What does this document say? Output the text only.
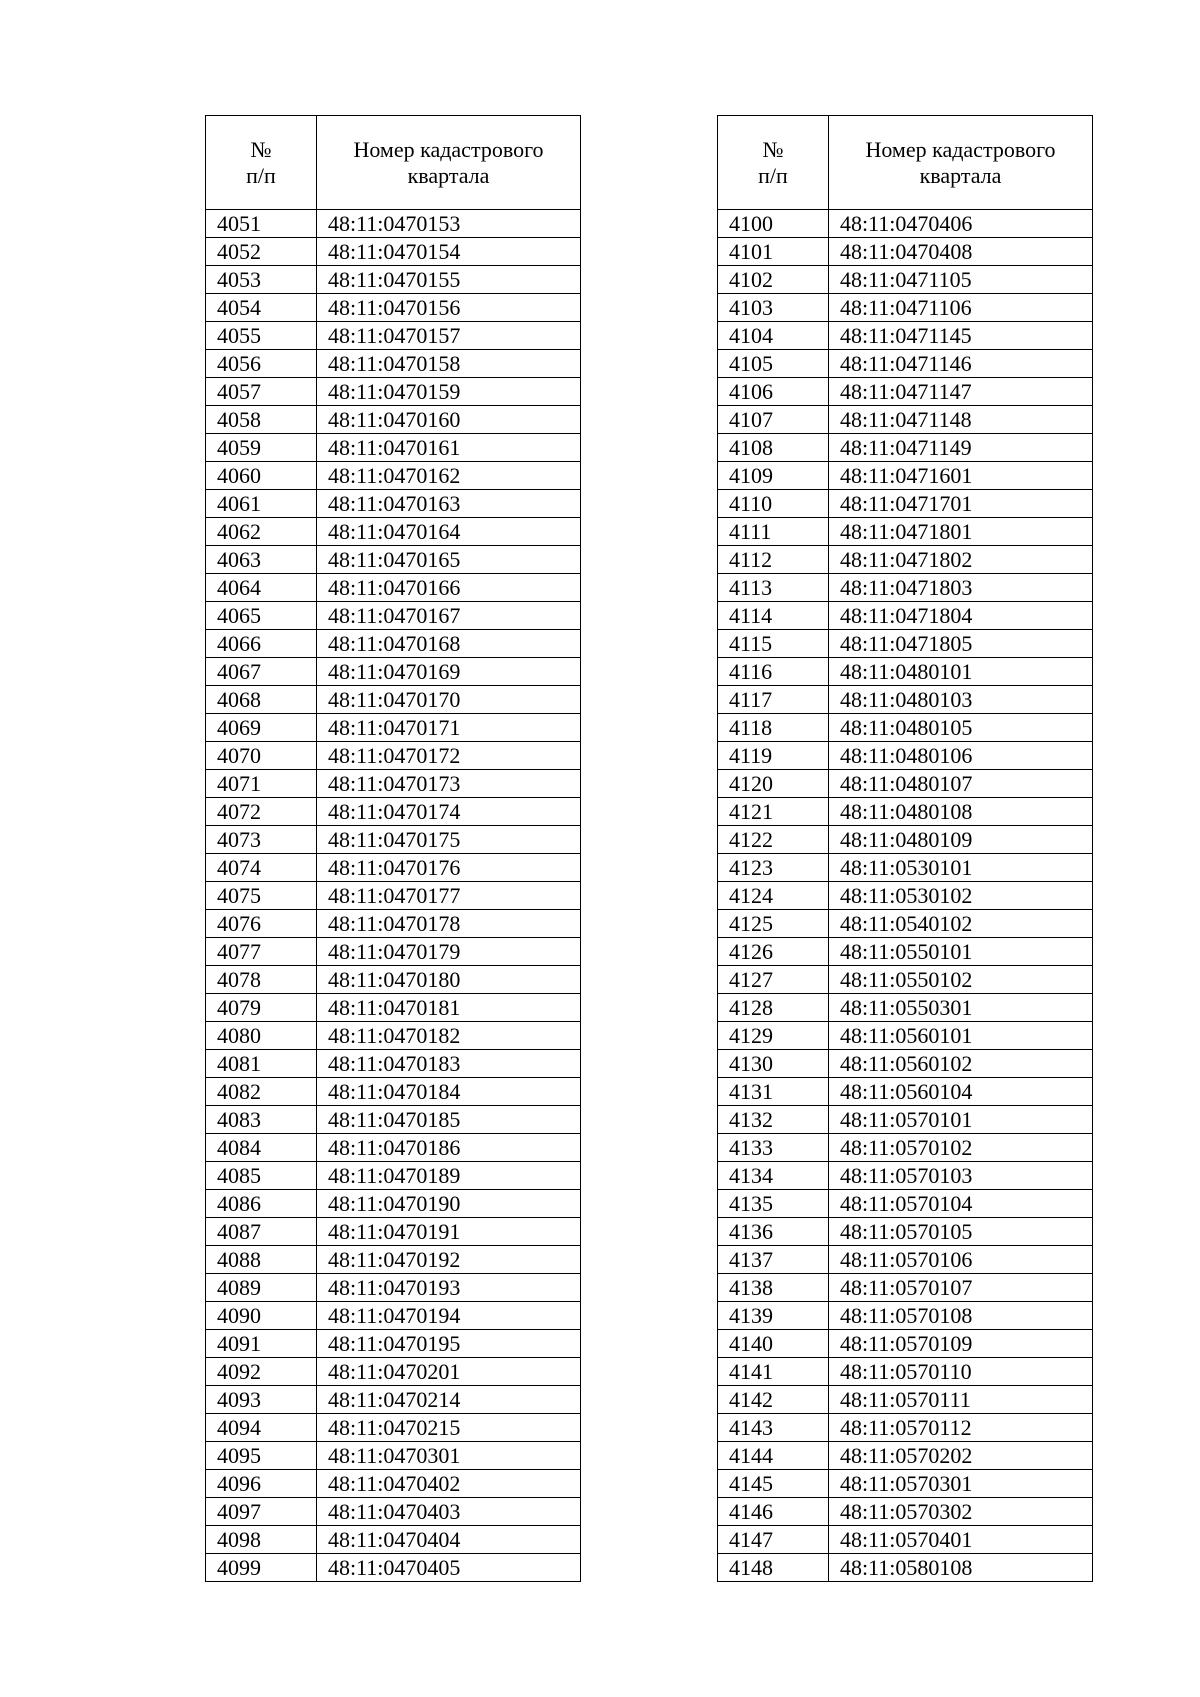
№
п/п	Номер кадастрового
квартала

4051	48:11:0470153
4052	48:11:0470154
4053	48:11:0470155
4054	48:11:0470156
4055	48:11:0470157
4056	48:11:0470158
4057	48:11:0470159
4058	48:11:0470160
4059	48:11:0470161
4060	48:11:0470162
4061	48:11:0470163
4062	48:11:0470164
4063	48:11:0470165
4064	48:11:0470166
4065	48:11:0470167
4066	48:11:0470168
4067	48:11:0470169
4068	48:11:0470170
4069	48:11:0470171
4070	48:11:0470172
4071	48:11:0470173
4072	48:11:0470174
4073	48:11:0470175
4074	48:11:0470176
4075	48:11:0470177
4076	48:11:0470178
4077	48:11:0470179
4078	48:11:0470180
4079	48:11:0470181
4080	48:11:0470182
4081	48:11:0470183
4082	48:11:0470184
4083	48:11:0470185
4084	48:11:0470186
4085	48:11:0470189
4086	48:11:0470190
4087	48:11:0470191
4088	48:11:0470192
4089	48:11:0470193
4090	48:11:0470194
4091	48:11:0470195
4092	48:11:0470201
4093	48:11:0470214
4094	48:11:0470215
4095	48:11:0470301
4096	48:11:0470402
4097	48:11:0470403
4098	48:11:0470404
4099	48:11:0470405
№
п/п	Номер кадастрового
квартала

4100	48:11:0470406
4101	48:11:0470408
4102	48:11:0471105
4103	48:11:0471106
4104	48:11:0471145
4105	48:11:0471146
4106	48:11:0471147
4107	48:11:0471148
4108	48:11:0471149
4109	48:11:0471601
4110	48:11:0471701
4111	48:11:0471801
4112	48:11:0471802
4113	48:11:0471803
4114	48:11:0471804
4115	48:11:0471805
4116	48:11:0480101
4117	48:11:0480103
4118	48:11:0480105
4119	48:11:0480106
4120	48:11:0480107
4121	48:11:0480108
4122	48:11:0480109
4123	48:11:0530101
4124	48:11:0530102
4125	48:11:0540102
4126	48:11:0550101
4127	48:11:0550102
4128	48:11:0550301
4129	48:11:0560101
4130	48:11:0560102
4131	48:11:0560104
4132	48:11:0570101
4133	48:11:0570102
4134	48:11:0570103
4135	48:11:0570104
4136	48:11:0570105
4137	48:11:0570106
4138	48:11:0570107
4139	48:11:0570108
4140	48:11:0570109
4141	48:11:0570110
4142	48:11:0570111
4143	48:11:0570112
4144	48:11:0570202
4145	48:11:0570301
4146	48:11:0570302
4147	48:11:0570401
4148	48:11:0580108
